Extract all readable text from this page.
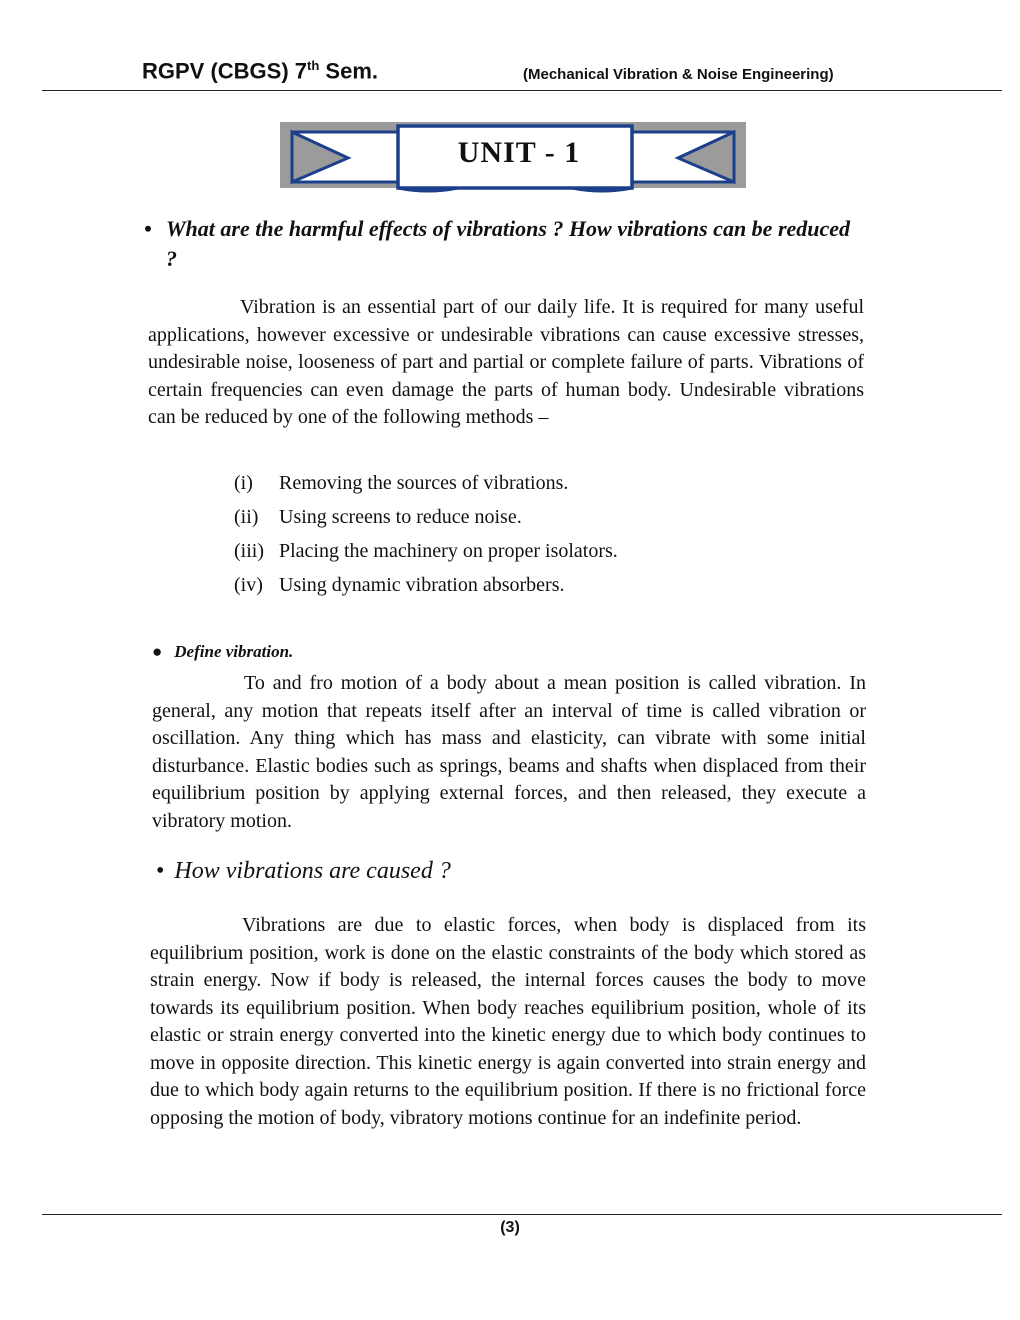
RGPV (CBGS) 7th Sem.	(Mechanical Vibration & Noise Engineering)
UNIT - 1
• What are the harmful effects of vibrations ? How vibrations can be reduced ?
Vibration is an essential part of our daily life. It is required for many useful applications, however excessive or undesirable vibrations can cause excessive stresses, undesirable noise, looseness of part and partial or complete failure of parts. Vibrations of certain frequencies can even damage the parts of human body. Undesirable vibrations can be reduced by one of the following methods –
(i) Removing the sources of vibrations.
(ii) Using screens to reduce noise.
(iii) Placing the machinery on proper isolators.
(iv) Using dynamic vibration absorbers.
● Define vibration.
To and fro motion of a body about a mean position is called vibration. In general, any motion that repeats itself after an interval of time is called vibration or oscillation. Any thing which has mass and elasticity, can vibrate with some initial disturbance. Elastic bodies such as springs, beams and shafts when displaced from their equilibrium position by applying external forces, and then released, they execute a vibratory motion.
• How vibrations are caused ?
Vibrations are due to elastic forces, when body is displaced from its equilibrium position, work is done on the elastic constraints of the body which stored as strain energy. Now if body is released, the internal forces causes the body to move towards its equilibrium position. When body reaches equilibrium position, whole of its elastic or strain energy converted into the kinetic energy due to which body continues to move in opposite direction. This kinetic energy is again converted into strain energy and due to which body again returns to the equilibrium position. If there is no frictional force opposing the motion of body, vibratory motions continue for an indefinite period.
(3)
